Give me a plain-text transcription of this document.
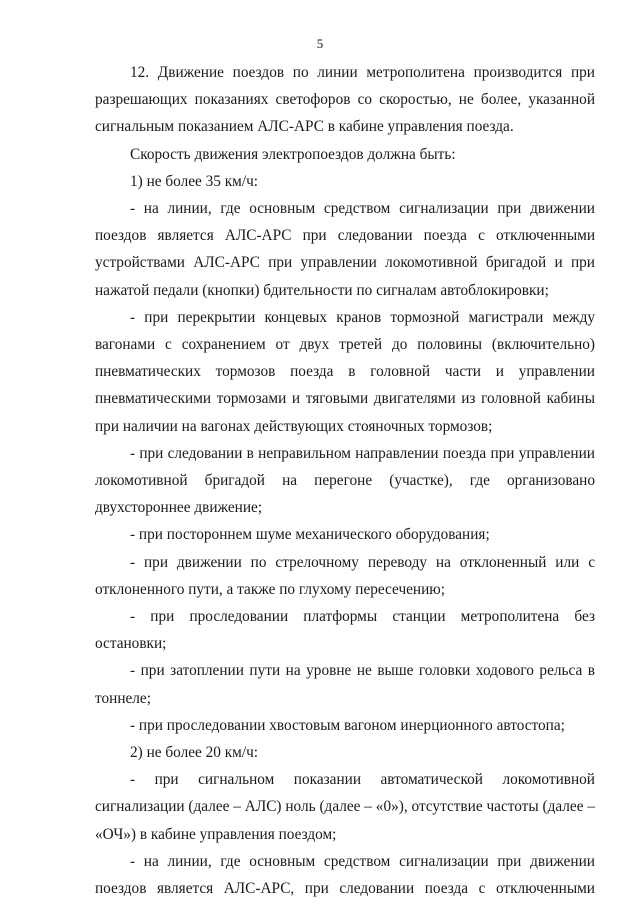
5

12. Движение поездов по линии метрополитена производится при разрешающих показаниях светофоров со скоростью, не более, указанной сигнальным показанием АЛС-АРС в кабине управления поезда.

Скорость движения электропоездов должна быть:

1) не более 35 км/ч:

- на линии, где основным средством сигнализации при движении поездов является АЛС-АРС при следовании поезда с отключенными устройствами АЛС-АРС при управлении локомотивной бригадой и при нажатой педали (кнопки) бдительности по сигналам автоблокировки;

- при перекрытии концевых кранов тормозной магистрали между вагонами с сохранением от двух третей до половины (включительно) пневматических тормозов поезда в головной части и управлении пневматическими тормозами и тяговыми двигателями из головной кабины при наличии на вагонах действующих стояночных тормозов;

- при следовании в неправильном направлении поезда при управлении локомотивной бригадой на перегоне (участке), где организовано двухстороннее движение;

- при постороннем шуме механического оборудования;

- при движении по стрелочному переводу на отклоненный или с отклоненного пути, а также по глухому пересечению;

- при проследовании платформы станции метрополитена без остановки;

- при затоплении пути на уровне не выше головки ходового рельса в тоннеле;

- при проследовании хвостовым вагоном инерционного автостопа;

2) не более 20 км/ч:

- при сигнальном показании автоматической локомотивной сигнализации (далее – АЛС) ноль (далее – «0»), отсутствие частоты (далее – «ОЧ») в кабине управления поездом;

- на линии, где основным средством сигнализации при движении поездов является АЛС-АРС, при следовании поезда с отключенными
